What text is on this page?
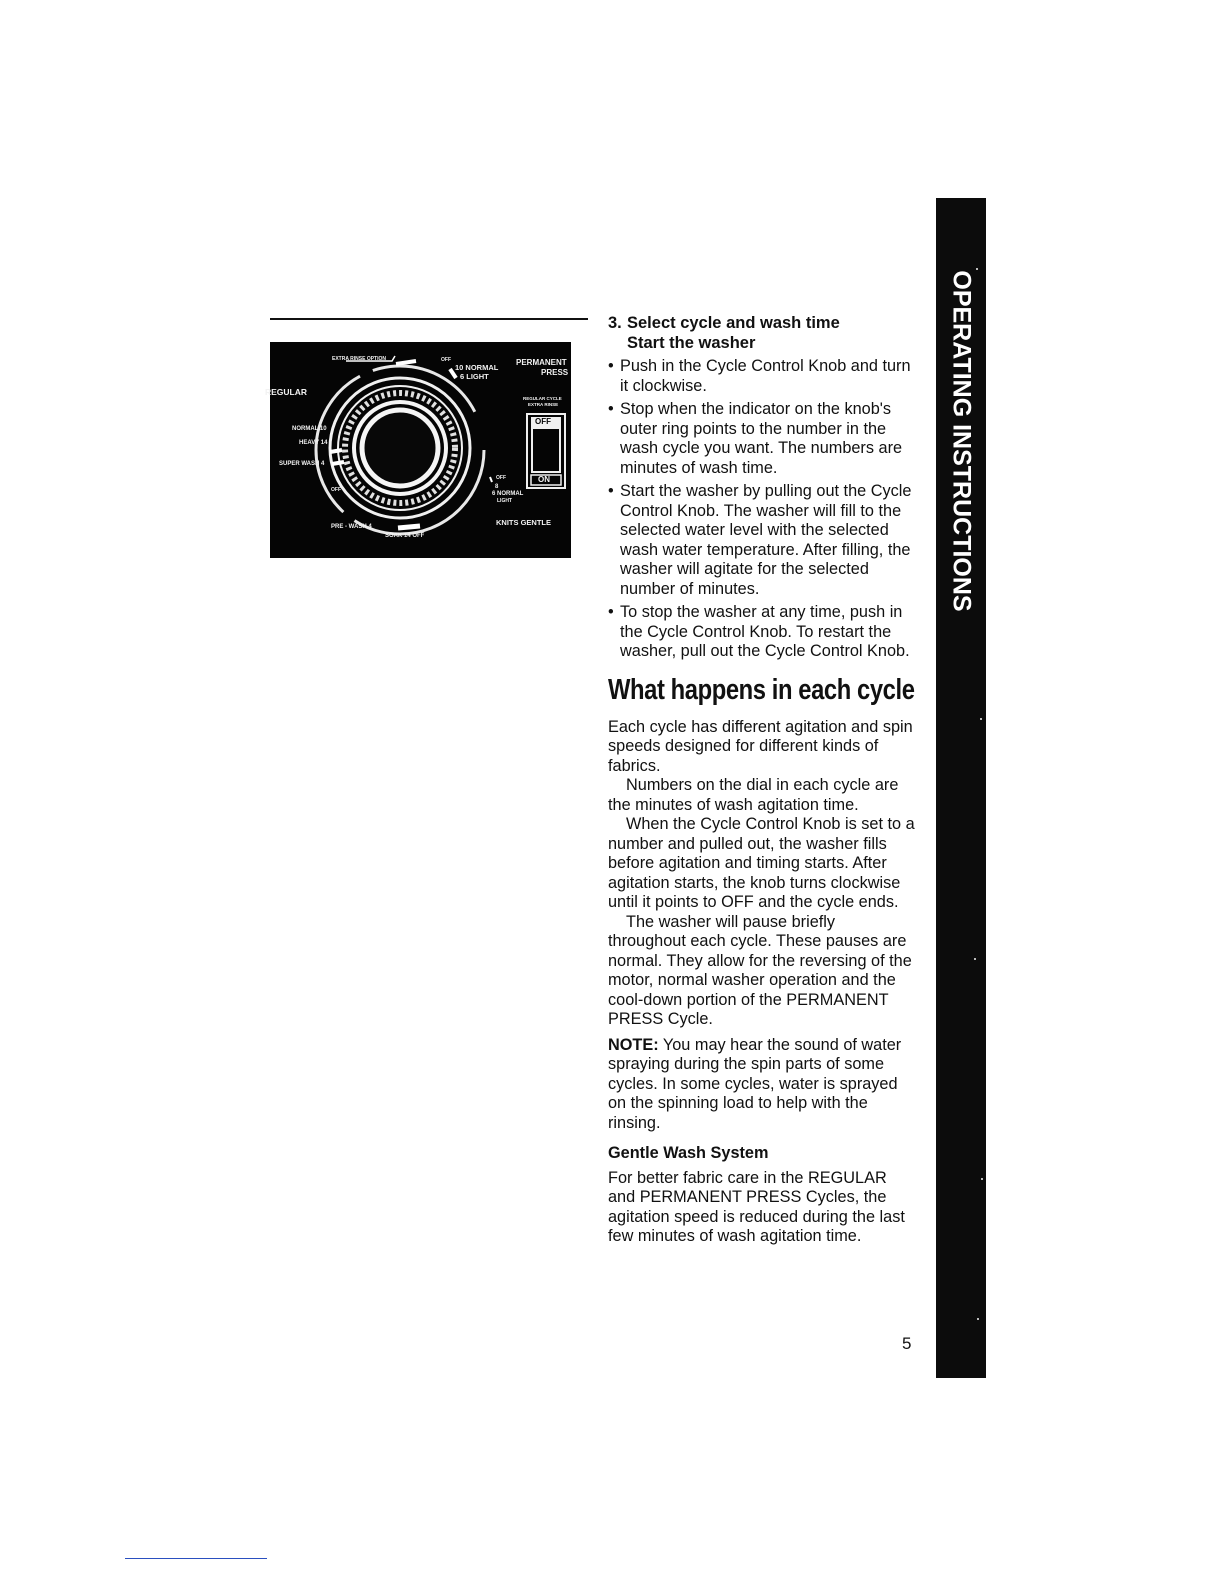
EXTRA RINSE OPTION	OFF
10 NORMAL
6 LIGHT
PERMANENT
PRESS
REGULAR
REGULAR CYCLE
EXTRA RINSE
OFF
ON
NORMAL 10
HEAVY 14
SUPER WASH 4
OFF
OFF
8
6 NORMAL
LIGHT
PRE - WASH 4
SOAK 14 OFF
KNITS GENTLE
3. Select cycle and wash time
Start the washer
• Push in the Cycle Control Knob and turn it clockwise.
• Stop when the indicator on the knob's outer ring points to the number in the wash cycle you want. The numbers are minutes of wash time.
• Start the washer by pulling out the Cycle Control Knob. The washer will fill to the selected water level with the selected wash water temperature. After filling, the washer will agitate for the selected number of minutes.
• To stop the washer at any time, push in the Cycle Control Knob. To restart the washer, pull out the Cycle Control Knob.
What happens in each cycle

Each cycle has different agitation and spin speeds designed for different kinds of fabrics.

Numbers on the dial in each cycle are the minutes of wash agitation time.

When the Cycle Control Knob is set to a number and pulled out, the washer fills before agitation and timing starts. After agitation starts, the knob turns clockwise until it points to OFF and the cycle ends.

The washer will pause briefly throughout each cycle. These pauses are normal. They allow for the reversing of the motor, normal washer operation and the cool-down portion of the PERMANENT PRESS Cycle.

NOTE: You may hear the sound of water spraying during the spin parts of some cycles. In some cycles, water is sprayed on the spinning load to help with the rinsing.

Gentle Wash System

For better fabric care in the REGULAR and PERMANENT PRESS Cycles, the agitation speed is reduced during the last few minutes of wash agitation time.

OPERATING INSTRUCTIONS
5
